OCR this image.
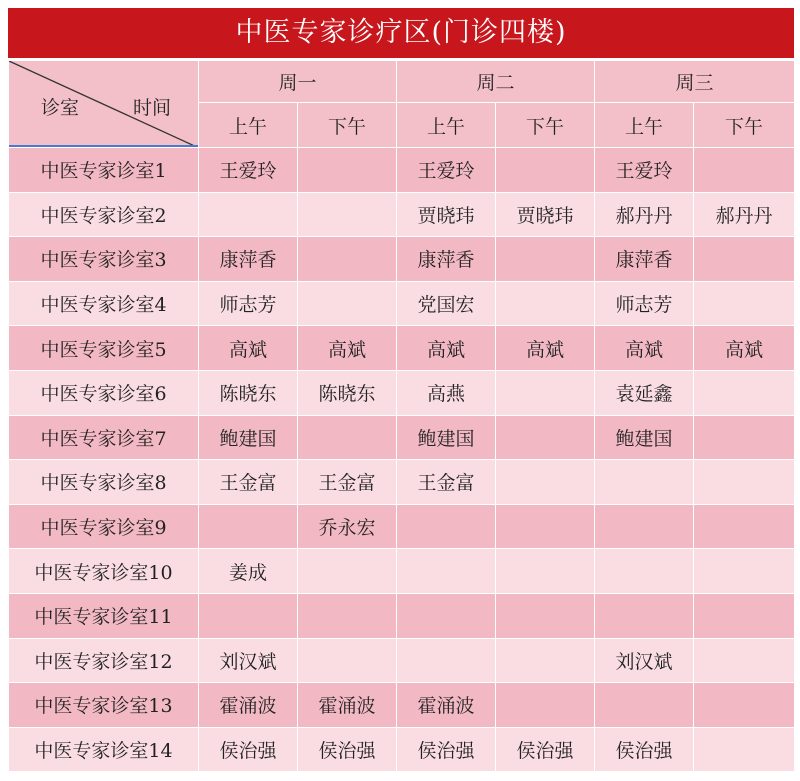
中医专家诊疗区(门诊四楼)
诊室 时间	周一		周二		周三	
	上午	下午	上午	下午	上午	下午
中医专家诊室1	王爱玲		王爱玲		王爱玲	
中医专家诊室2			贾晓玮	贾晓玮	郝丹丹	郝丹丹
中医专家诊室3	康萍香		康萍香		康萍香	
中医专家诊室4	师志芳		党国宏		师志芳	
中医专家诊室5	高斌	高斌	高斌	高斌	高斌	高斌
中医专家诊室6	陈晓东	陈晓东	高燕		袁延鑫	
中医专家诊室7	鲍建国		鲍建国		鲍建国	
中医专家诊室8	王金富	王金富	王金富			
中医专家诊室9		乔永宏				
中医专家诊室10	姜成					
中医专家诊室11						
中医专家诊室12	刘汉斌				刘汉斌	
中医专家诊室13	霍涌波	霍涌波	霍涌波			
中医专家诊室14	侯治强	侯治强	侯治强	侯治强	侯治强	
